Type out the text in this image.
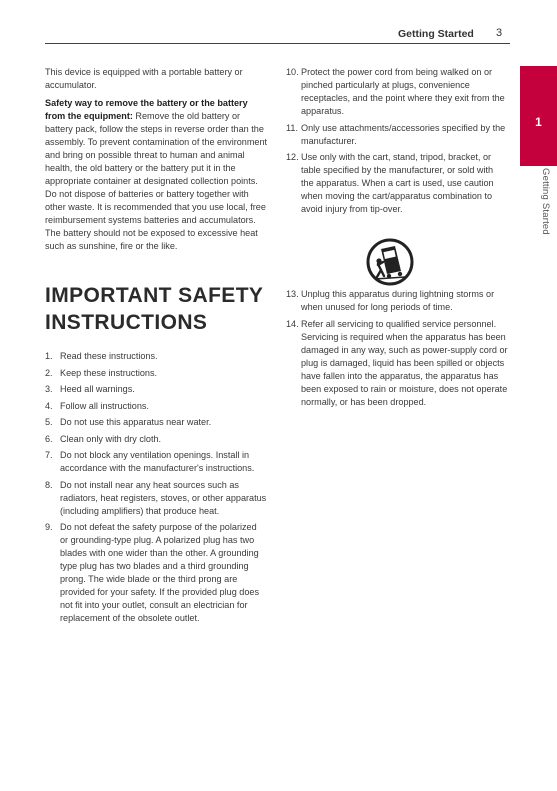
Getting Started 3
1
Getting Started

This device is equipped with a portable battery or accumulator.

Safety way to remove the battery or the battery from the equipment: Remove the old battery or battery pack, follow the steps in reverse order than the assembly. To prevent contamination of the environment and bring on possible threat to human and animal health, the old battery or the battery put it in the appropriate container at designated collection points. Do not dispose of batteries or battery together with other waste. It is recommended that you use local, free reimbursement systems batteries and accumulators. The battery should not be exposed to excessive heat such as sunshine, fire or the like.

IMPORTANT SAFETY INSTRUCTIONS
1. Read these instructions.
2. Keep these instructions.
3. Heed all warnings.
4. Follow all instructions.
5. Do not use this apparatus near water.
6. Clean only with dry cloth.
7. Do not block any ventilation openings. Install in accordance with the manufacturer's instructions.
8. Do not install near any heat sources such as radiators, heat registers, stoves, or other apparatus (including amplifiers) that produce heat.
9. Do not defeat the safety purpose of the polarized or grounding-type plug. A polarized plug has two blades with one wider than the other. A grounding type plug has two blades and a third grounding prong. The wide blade or the third prong are provided for your safety. If the provided plug does not fit into your outlet, consult an electrician for replacement of the obsolete outlet.
10. Protect the power cord from being walked on or pinched particularly at plugs, convenience receptacles, and the point where they exit from the apparatus.
11. Only use attachments/accessories specified by the manufacturer.
12. Use only with the cart, stand, tripod, bracket, or table specified by the manufacturer, or sold with the apparatus. When a cart is used, use caution when moving the cart/apparatus combination to avoid injury from tip-over.
13. Unplug this apparatus during lightning storms or when unused for long periods of time.
14. Refer all servicing to qualified service personnel. Servicing is required when the apparatus has been damaged in any way, such as power-supply cord or plug is damaged, liquid has been spilled or objects have fallen into the apparatus, the apparatus has been exposed to rain or moisture, does not operate normally, or has been dropped.
